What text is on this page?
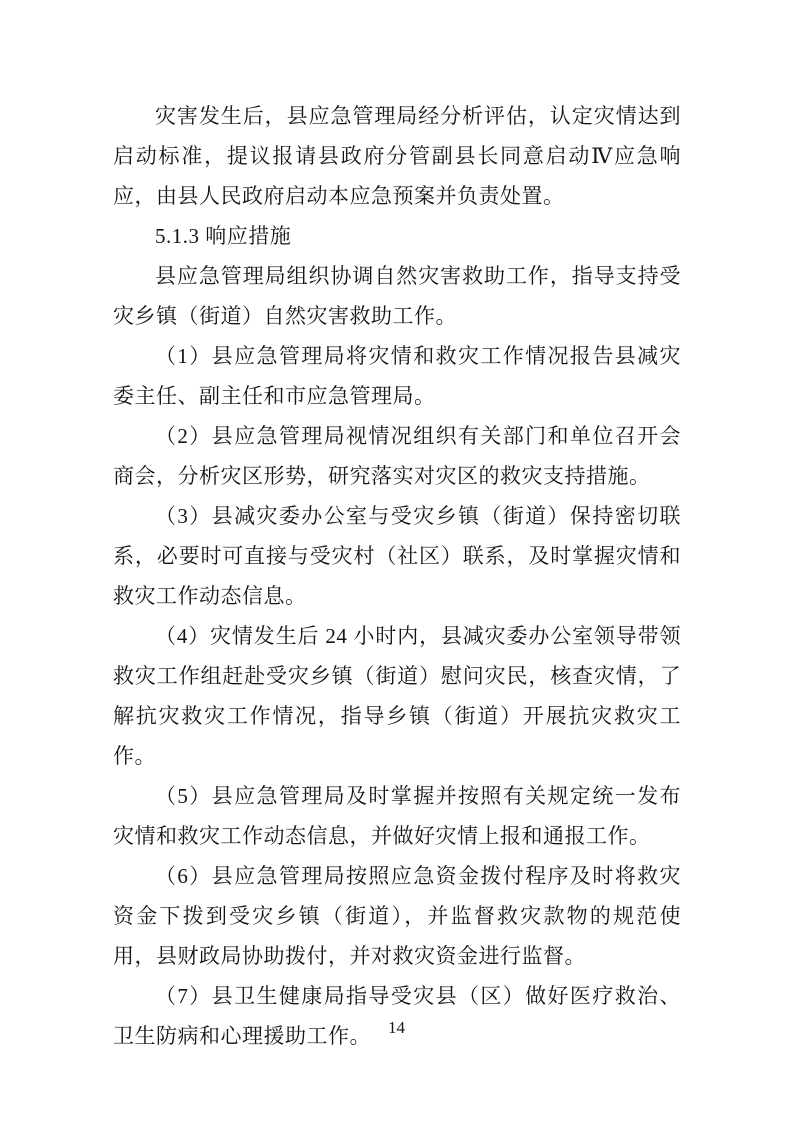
灾害发生后，县应急管理局经分析评估，认定灾情达到启动标准，提议报请县政府分管副县长同意启动Ⅳ应急响应，由县人民政府启动本应急预案并负责处置。

5.1.3 响应措施

县应急管理局组织协调自然灾害救助工作，指导支持受灾乡镇（街道）自然灾害救助工作。

（1）县应急管理局将灾情和救灾工作情况报告县减灾委主任、副主任和市应急管理局。

（2）县应急管理局视情况组织有关部门和单位召开会商会，分析灾区形势，研究落实对灾区的救灾支持措施。

（3）县减灾委办公室与受灾乡镇（街道）保持密切联系，必要时可直接与受灾村（社区）联系，及时掌握灾情和救灾工作动态信息。

（4）灾情发生后 24 小时内，县减灾委办公室领导带领救灾工作组赶赴受灾乡镇（街道）慰问灾民，核查灾情，了解抗灾救灾工作情况，指导乡镇（街道）开展抗灾救灾工作。

（5）县应急管理局及时掌握并按照有关规定统一发布灾情和救灾工作动态信息，并做好灾情上报和通报工作。

（6）县应急管理局按照应急资金拨付程序及时将救灾资金下拨到受灾乡镇（街道），并监督救灾款物的规范使用，县财政局协助拨付，并对救灾资金进行监督。

（7）县卫生健康局指导受灾县（区）做好医疗救治、卫生防病和心理援助工作。	14
